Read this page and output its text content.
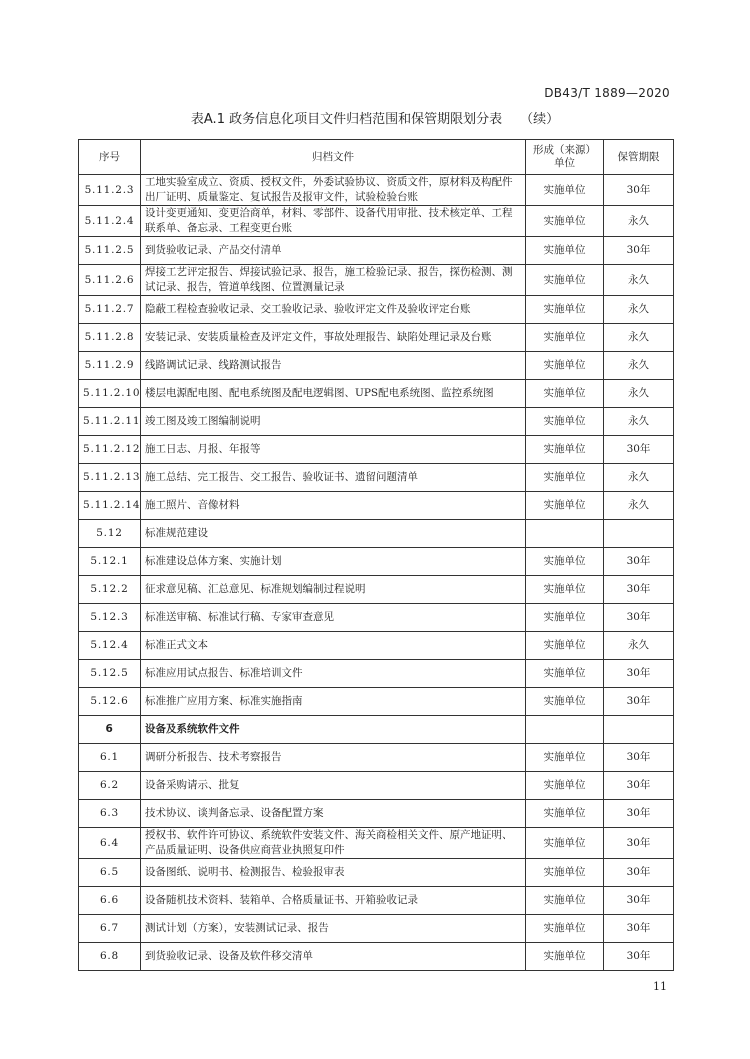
DB43/T 1889—2020
表A.1 政务信息化项目文件归档范围和保管期限划分表 （续）
序号	归档文件	形成（来源）单位	保管期限
5.11.2.3	工地实验室成立、资质、授权文件，外委试验协议、资质文件，原材料及构配件出厂证明、质量鉴定、复试报告及报审文件，试验检验台账	实施单位	30年
5.11.2.4	设计变更通知、变更洽商单，材料、零部件、设备代用审批、技术核定单、工程联系单、备忘录、工程变更台账	实施单位	永久
5.11.2.5	到货验收记录、产品交付清单	实施单位	30年
5.11.2.6	焊接工艺评定报告、焊接试验记录、报告，施工检验记录、报告，探伤检测、测试记录、报告，管道单线图、位置测量记录	实施单位	永久
5.11.2.7	隐蔽工程检查验收记录、交工验收记录、验收评定文件及验收评定台账	实施单位	永久
5.11.2.8	安装记录、安装质量检查及评定文件，事故处理报告、缺陷处理记录及台账	实施单位	永久
5.11.2.9	线路调试记录、线路测试报告	实施单位	永久
5.11.2.10	楼层电源配电图、配电系统图及配电逻辑图、UPS配电系统图、监控系统图	实施单位	永久
5.11.2.11	竣工图及竣工图编制说明	实施单位	永久
5.11.2.12	施工日志、月报、年报等	实施单位	30年
5.11.2.13	施工总结、完工报告、交工报告、验收证书、遗留问题清单	实施单位	永久
5.11.2.14	施工照片、音像材料	实施单位	永久
5.12	标准规范建设		
5.12.1	标准建设总体方案、实施计划	实施单位	30年
5.12.2	征求意见稿、汇总意见、标准规划编制过程说明	实施单位	30年
5.12.3	标准送审稿、标准试行稿、专家审查意见	实施单位	30年
5.12.4	标准正式文本	实施单位	永久
5.12.5	标准应用试点报告、标准培训文件	实施单位	30年
5.12.6	标准推广应用方案、标准实施指南	实施单位	30年
6	设备及系统软件文件		
6.1	调研分析报告、技术考察报告	实施单位	30年
6.2	设备采购请示、批复	实施单位	30年
6.3	技术协议、谈判备忘录、设备配置方案	实施单位	30年
6.4	授权书、软件许可协议、系统软件安装文件、海关商检相关文件、原产地证明、产品质量证明、设备供应商营业执照复印件	实施单位	30年
6.5	设备图纸、说明书、检测报告、检验报审表	实施单位	30年
6.6	设备随机技术资料、装箱单、合格质量证书、开箱验收记录	实施单位	30年
6.7	测试计划（方案），安装测试记录、报告	实施单位	30年
6.8	到货验收记录、设备及软件移交清单	实施单位	30年
11
